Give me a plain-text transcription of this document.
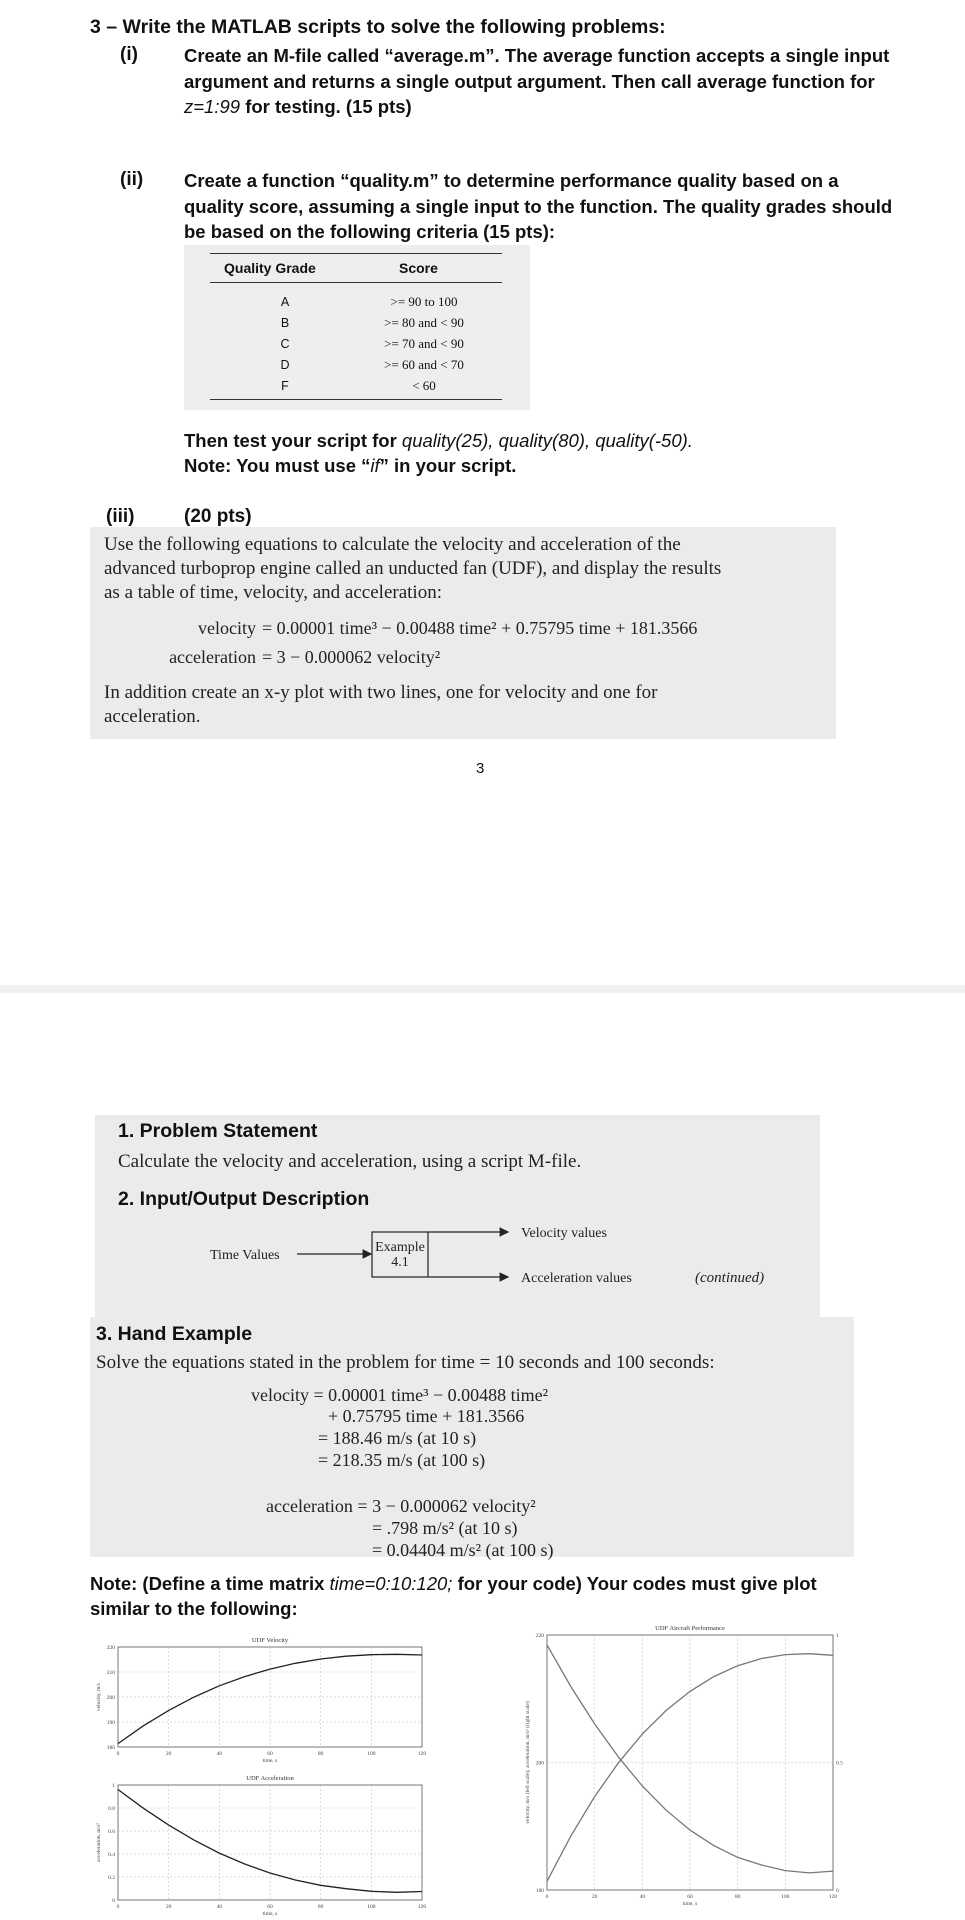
3 – Write the MATLAB scripts to solve the following problems:
(i) Create an M-file called “average.m”. The average function accepts a single input
argument and returns a single output argument. Then call average function for
z=1:99 for testing. (15 pts)
(ii) Create a function “quality.m” to determine performance quality based on a
quality score, assuming a single input to the function. The quality grades should
be based on the following criteria (15 pts):
Quality Grade	Score
A	>= 90 to 100
B	>= 80 and < 90
C	>= 70 and < 90
D	>= 60 and < 70
F	< 60
Then test your script for quality(25), quality(80), quality(-50).
Note: You must use “if” in your script.
(iii)	(20 pts)
Use the following equations to calculate the velocity and acceleration of the
advanced turboprop engine called an unducted fan (UDF), and display the results
as a table of time, velocity, and acceleration:
velocity = 0.00001 time³ − 0.00488 time² + 0.75795 time + 181.3566
acceleration = 3 − 0.000062 velocity²
In addition create an x-y plot with two lines, one for velocity and one for
acceleration.
3
1. Problem Statement
Calculate the velocity and acceleration, using a script M-file.
2. Input/Output Description
Time Values
Example
4.1
Velocity values
Acceleration values	(continued)
3. Hand Example
Solve the equations stated in the problem for time = 10 seconds and 100 seconds:
velocity = 0.00001 time³ − 0.00488 time²
+ 0.75795 time + 181.3566
= 188.46 m/s (at 10 s)
= 218.35 m/s (at 100 s)
acceleration = 3 − 0.000062 velocity²
= .798 m/s² (at 10 s)
= 0.04404 m/s² (at 100 s)
Note: (Define a time matrix time=0:10:120; for your code) Your codes must give plot
similar to the following:
UDF Velocity
0	20	40	60	80	100	120
180
190
200
210
220
time, s
velocity, m/s
UDF Acceleration
0	20	40	60	80	100	120
0
0.2
0.4
0.6
0.8
1
time, s
acceleration, m/s²
UDF Aircraft Performance
0	20	40	60	80	100	120
180
200
220
0
0.5
1
time, s
velocity, m/s (left scale); acceleration, m/s² (right scale)
